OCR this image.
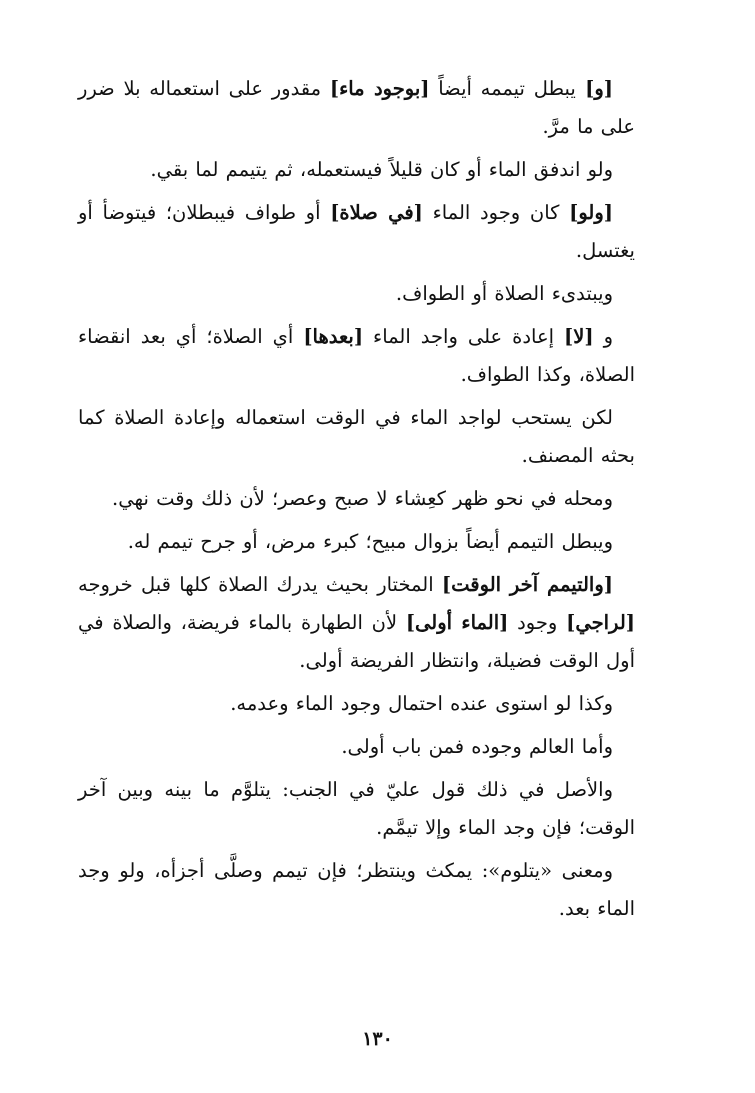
[و] يبطل تيممه أيضاً [بوجود ماء] مقدور على استعماله بلا ضرر على ما مرَّ.
ولو اندفق الماء أو كان قليلاً فيستعمله، ثم يتيمم لما بقي.
[ولو] كان وجود الماء [في صلاة] أو طواف فيبطلان؛ فيتوضأ أو يغتسل.
ويبتدىء الصلاة أو الطواف.
و [لا] إعادة على واجد الماء [بعدها] أي الصلاة؛ أي بعد انقضاء الصلاة، وكذا الطواف.
لكن يستحب لواجد الماء في الوقت استعماله وإعادة الصلاة كما بحثه المصنف.
ومحله في نحو ظهر كعِشاء لا صبح وعصر؛ لأن ذلك وقت نهي.
ويبطل التيمم أيضاً بزوال مبيح؛ كبرء مرض، أو جرح تيمم له.
[والتيمم آخر الوقت] المختار بحيث يدرك الصلاة كلها قبل خروجه [لراجي] وجود [الماء أولى] لأن الطهارة بالماء فريضة، والصلاة في أول الوقت فضيلة، وانتظار الفريضة أولى.
وكذا لو استوى عنده احتمال وجود الماء وعدمه.
وأما العالم وجوده فمن باب أولى.
والأصل في ذلك قول عليّ في الجنب: يتلوَّم ما بينه وبين آخر الوقت؛ فإن وجد الماء وإلا تيمَّم.
ومعنى «يتلوم»: يمكث وينتظر؛ فإن تيمم وصلَّى أجزأه، ولو وجد الماء بعد.
١٣٠
